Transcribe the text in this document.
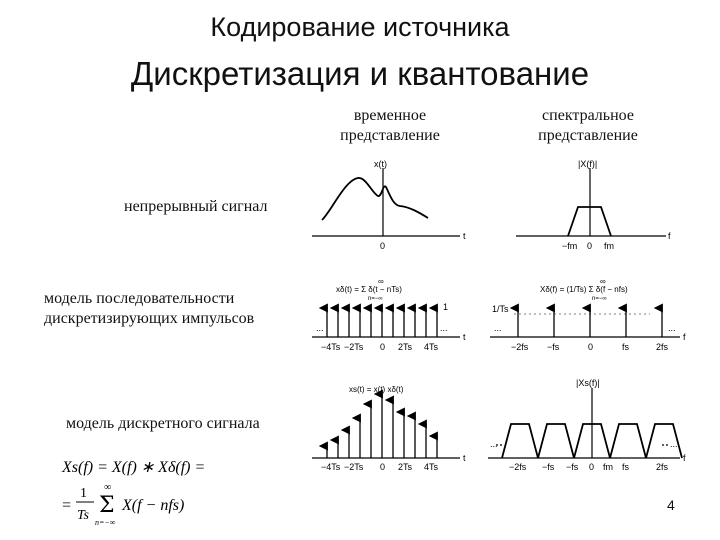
Кодирование источника
Дискретизация и квантование
временное
представление
спектральное
представление
непрерывный сигнал
модель последовательности
дискретизирующих импульсов
модель дискретного сигнала
x(t)
t
0
|X(f)|
f
−fm 0 fm
xδ(t) = Σ δ(t − nTs)
∞
n=−∞
1
...	...
t
−4Ts −2Ts 0 2Ts 4Ts
Xδ(f) = (1/Ts) Σ δ(f − nfs)
∞
n=−∞
1/Ts
...	...
f
−2fs −fs	0	fs	2fs
xs(t) = x(t) xδ(t)
t
−4Ts −2Ts 0 2Ts 4Ts
|Xs(f)|
...	...
f
−2fs −fs −fs 0 fm fs	2fs
Xs(f) = X(f) ∗ Xδ(f) =
=
1
Ts
∞
Σ
n=−∞
X(f − nfs)	4
